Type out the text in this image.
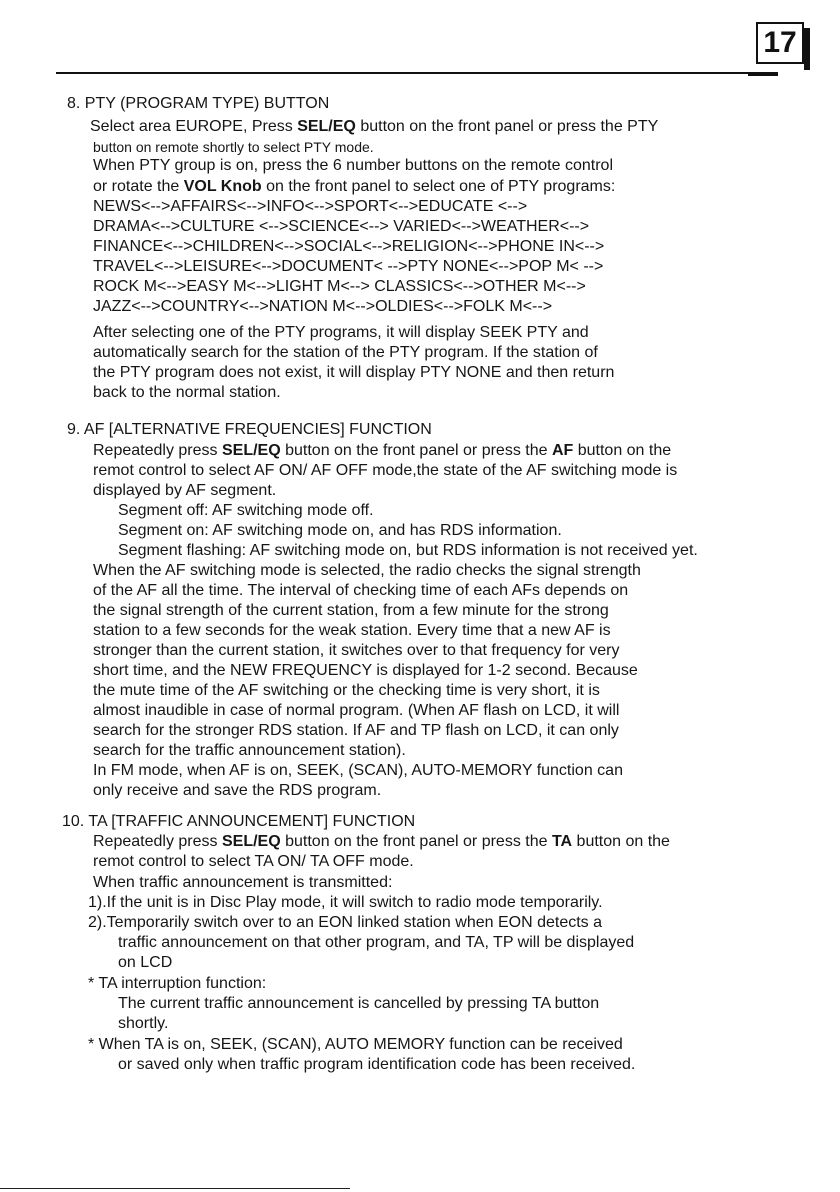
17
8. PTY (PROGRAM TYPE) BUTTON
Select area EUROPE, Press SEL/EQ button on the front panel or press the PTY
button on remote shortly to select PTY mode.
When PTY group is on, press the 6 number buttons on the remote control
or rotate the VOL Knob on the front panel to select one of PTY programs:
NEWS<-->AFFAIRS<-->INFO<-->SPORT<-->EDUCATE <-->
DRAMA<-->CULTURE <-->SCIENCE<--> VARIED<-->WEATHER<-->
FINANCE<-->CHILDREN<-->SOCIAL<-->RELIGION<-->PHONE IN<-->
TRAVEL<-->LEISURE<-->DOCUMENT< -->PTY NONE<-->POP M< -->
ROCK M<-->EASY M<-->LIGHT M<--> CLASSICS<-->OTHER M<-->
JAZZ<-->COUNTRY<-->NATION M<-->OLDIES<-->FOLK M<-->
After selecting one of the PTY programs, it will display SEEK PTY and
automatically search for the station of the PTY program. If the station of
the PTY program does not exist, it will display PTY NONE and then return
back to the normal station.
9. AF [ALTERNATIVE FREQUENCIES] FUNCTION
Repeatedly press SEL/EQ button on the front panel or press the AF button on the
remot control to select AF ON/ AF OFF mode,the state of the AF switching mode is
displayed by AF segment.
Segment off: AF switching mode off.
Segment on: AF switching mode on, and has RDS information.
Segment flashing: AF switching mode on, but RDS information is not received yet.
When the AF switching mode is selected, the radio checks the signal strength
of the AF all the time. The interval of checking time of each AFs depends on
the signal strength of the current station, from a few minute for the strong
station to a few seconds for the weak station. Every time that a new AF is
stronger than the current station, it switches over to that frequency for very
short time, and the NEW FREQUENCY is displayed for 1-2 second. Because
the mute time of the AF switching or the checking time is very short, it is
almost inaudible in case of normal program. (When AF flash on LCD, it will
search for the stronger RDS station. If AF and TP flash on LCD, it can only
search for the traffic announcement station).
In FM mode, when AF is on, SEEK, (SCAN), AUTO-MEMORY function can
only receive and save the RDS program.
10. TA [TRAFFIC ANNOUNCEMENT] FUNCTION
Repeatedly press SEL/EQ button on the front panel or press the TA button on the
remot control to select TA ON/ TA OFF mode.
When traffic announcement is transmitted:
1).If the unit is in Disc Play mode, it will switch to radio mode temporarily.
2).Temporarily switch over to an EON linked station when EON detects a
traffic announcement on that other program, and TA, TP will be displayed
on LCD
* TA interruption function:
The current traffic announcement is cancelled by pressing TA button
shortly.
* When TA is on, SEEK, (SCAN), AUTO MEMORY function can be received
or saved only when traffic program identification code has been received.
